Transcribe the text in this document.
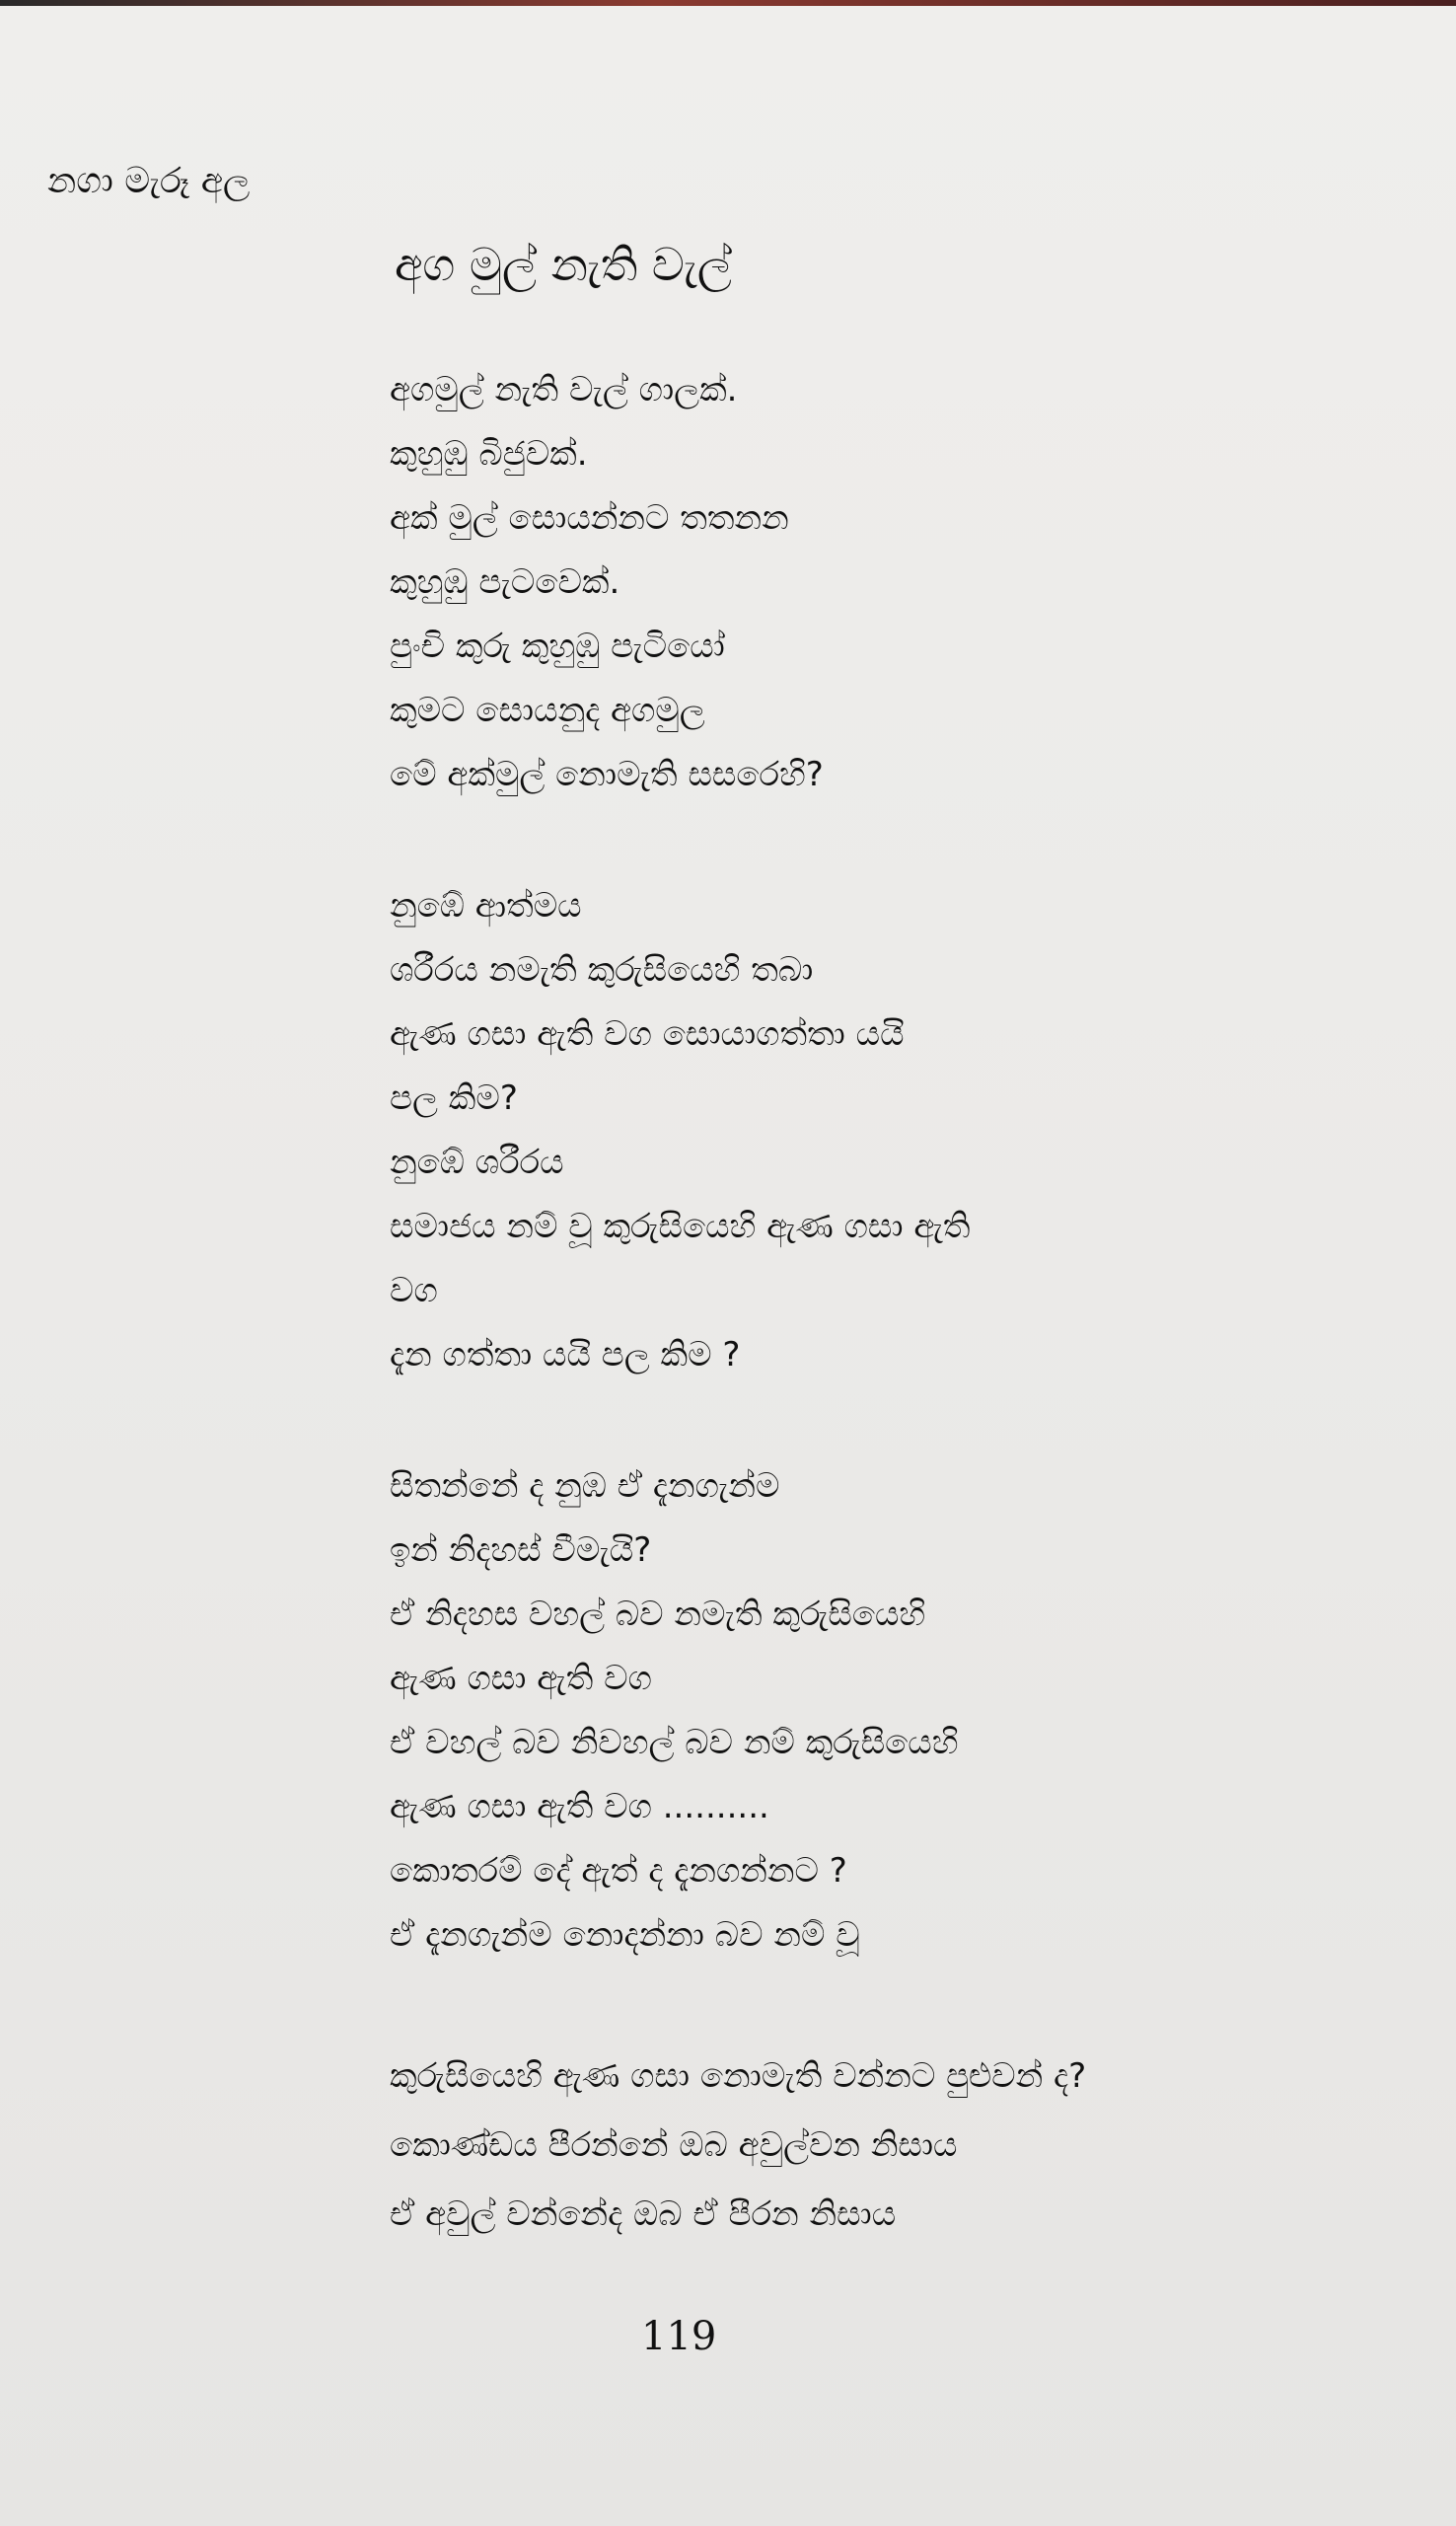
නගා මැරූ අල
අග මුල් නැති වැල්
අගමුල් නැති වැල් ගාලක්.
කුහුඹු බිජුවක්.
අක් මුල් සොයන්නට තතනන
කුහුඹු පැටවෙක්.
පුංචි කුරු කුහුඹු පැටියෝ
කුමට සොයනුද අගමුල
මේ අක්මුල් නොමැති සසරෙහි?
නුඹේ ආත්මය
ශරීරය නමැති කුරුසියෙහි තබා
ඇණ ගසා ඇති වග සොයාගත්තා යයි
පල කිම?
නුඹේ ශරීරය
සමාජය නම් වූ කුරුසියෙහි ඇණ ගසා ඇති
වග
දැන ගත්තා යයි පල කිම ?
සිතන්නේ ද නුඹ ඒ දැනගැන්ම
ඉන් නිදහස් වීමැයි?
ඒ නිදහස වහල් බව නමැති කුරුසියෙහි
ඇණ ගසා ඇති වග
ඒ වහල් බව නිවහල් බව නම් කුරුසියෙහි
ඇණ ගසා ඇති වග ..........
කොතරම් දේ ඇත් ද දැනගන්නට ?
ඒ දැනගැන්ම නොදන්නා බව නම් වූ
කුරුසියෙහි ඇණ ගසා නොමැති වන්නට පුළුවන් ද?
කොණ්ඩය පීරන්නේ ඔබ අවුල්වන නිසාය
ඒ අවුල් වන්නේද ඔබ ඒ පීරන නිසාය
119
